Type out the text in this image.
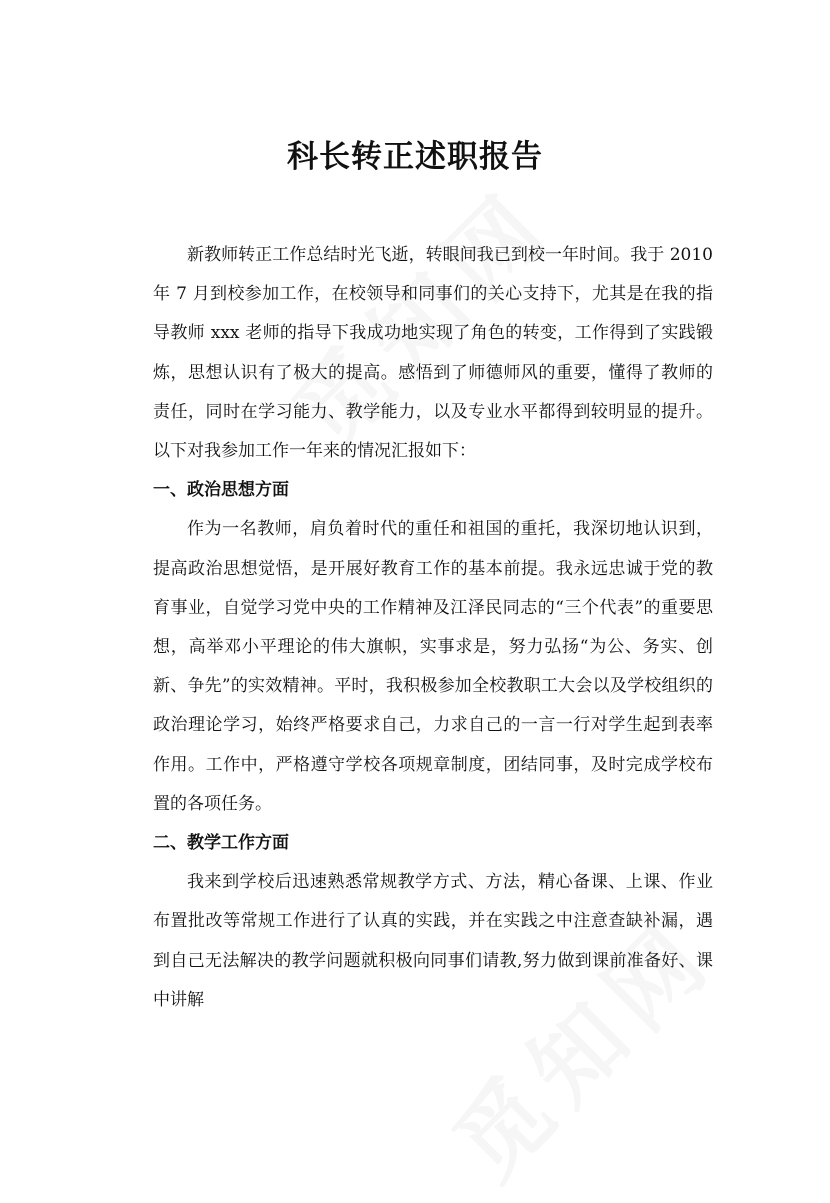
科长转正述职报告

新教师转正工作总结时光飞逝，转眼间我已到校一年时间。我于 2010 年 7 月到校参加工作，在校领导和同事们的关心支持下，尤其是在我的指导教师 xxx 老师的指导下我成功地实现了角色的转变，工作得到了实践锻炼，思想认识有了极大的提高。感悟到了师德师风的重要，懂得了教师的责任，同时在学习能力、教学能力，以及专业水平都得到较明显的提升。以下对我参加工作一年来的情况汇报如下：

一、政治思想方面

作为一名教师，肩负着时代的重任和祖国的重托，我深切地认识到，提高政治思想觉悟，是开展好教育工作的基本前提。我永远忠诚于党的教育事业，自觉学习党中央的工作精神及江泽民同志的“三个代表”的重要思想，高举邓小平理论的伟大旗帜，实事求是，努力弘扬“为公、务实、创新、争先”的实效精神。平时，我积极参加全校教职工大会以及学校组织的政治理论学习，始终严格要求自己，力求自己的一言一行对学生起到表率作用。工作中，严格遵守学校各项规章制度，团结同事，及时完成学校布置的各项任务。

二、教学工作方面

我来到学校后迅速熟悉常规教学方式、方法，精心备课、上课、作业布置批改等常规工作进行了认真的实践，并在实践之中注意查缺补漏，遇到自己无法解决的教学问题就积极向同事们请教,努力做到课前准备好、课中讲解
